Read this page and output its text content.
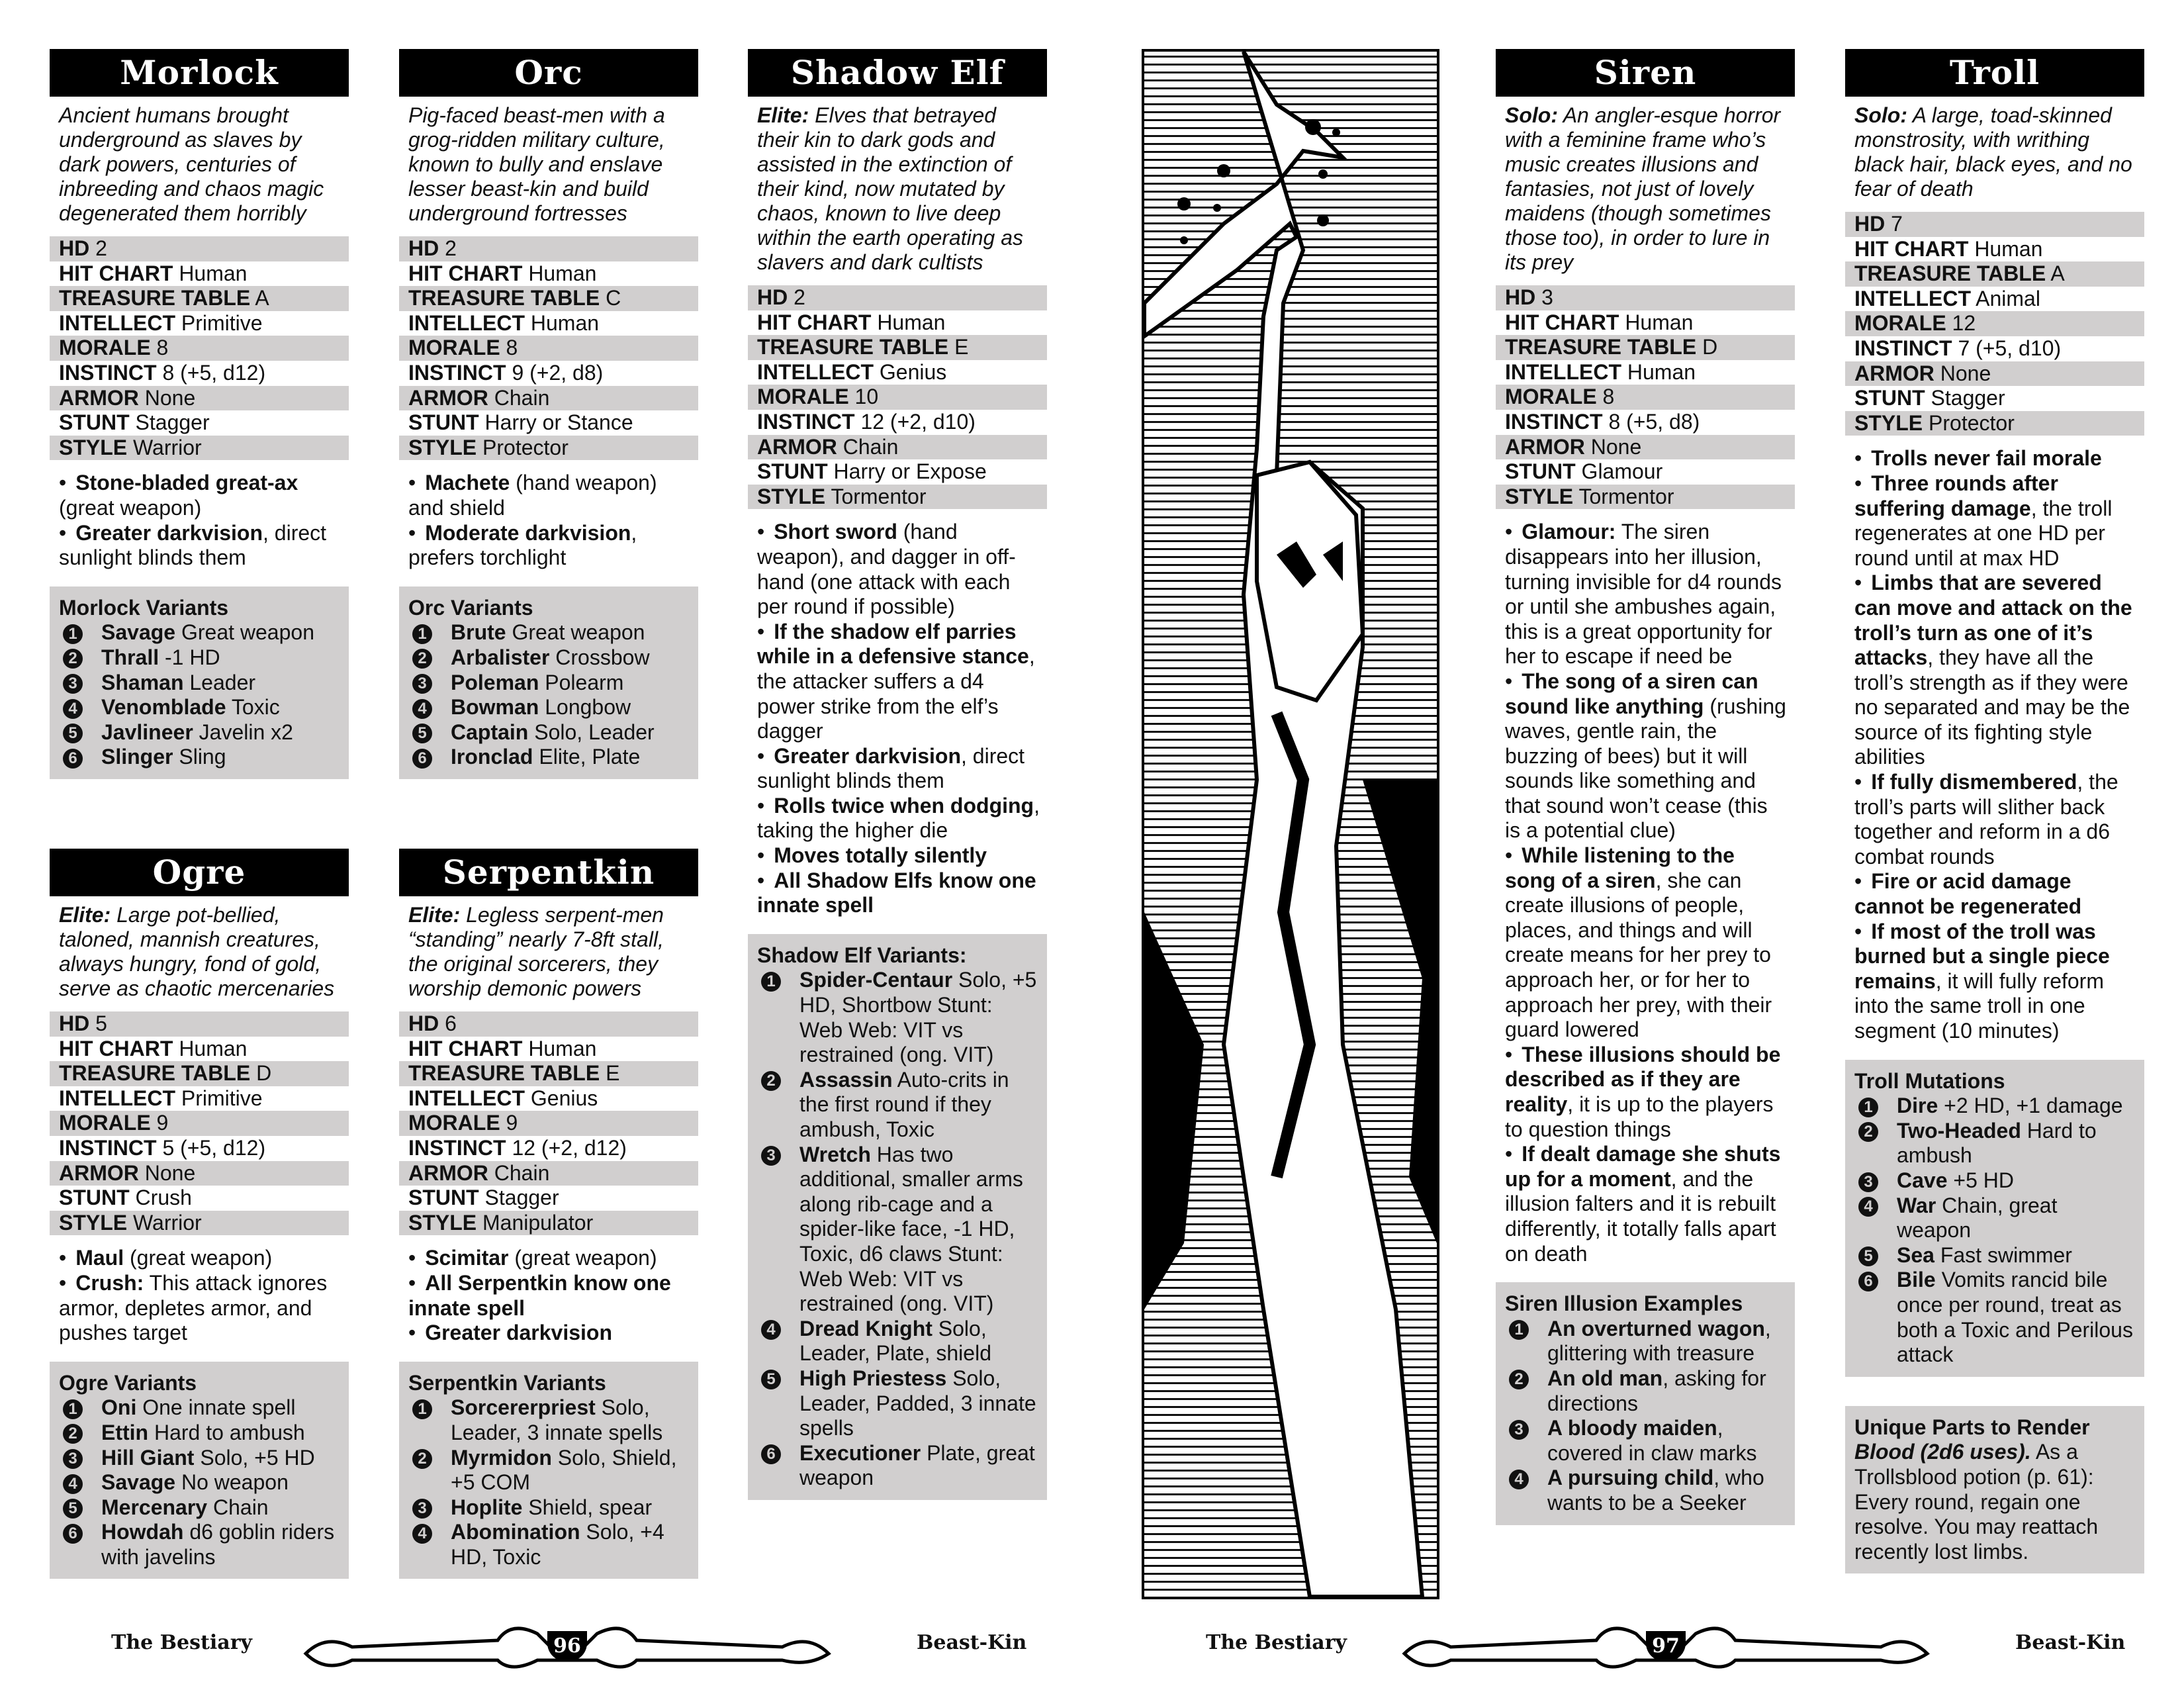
Morlock
Ancient humans brought underground as slaves by dark powers, centuries of inbreeding and chaos magic degenerated them horribly
HD 2
HIT CHART Human
TREASURE TABLE A
INTELLECT Primitive
MORALE 8
INSTINCT 8 (+5, d12)
ARMOR None
STUNT Stagger
STYLE Warrior
• Stone-bladed great-ax (great weapon)
• Greater darkvision, direct sunlight blinds them
Morlock Variants
1	Savage Great weapon
2	Thrall -1 HD
3	Shaman Leader
4	Venomblade Toxic
5	Javlineer Javelin x2
6	Slinger Sling
Orc
Pig-faced beast-men with a grog-ridden military culture, known to bully and enslave lesser beast-kin and build underground fortresses
HD 2
HIT CHART Human
TREASURE TABLE C
INTELLECT Human
MORALE 8
INSTINCT 9 (+2, d8)
ARMOR Chain
STUNT Harry or Stance
STYLE Protector
• Machete (hand weapon) and shield
• Moderate darkvision, prefers torchlight
Orc Variants
1	Brute Great weapon
2	Arbalister Crossbow
3	Poleman Polearm
4	Bowman Longbow
5	Captain Solo, Leader
6	Ironclad Elite, Plate
Shadow Elf
Elite: Elves that betrayed their kin to dark gods and assisted in the extinction of their kind, now mutated by chaos, known to live deep within the earth operating as slavers and dark cultists
HD 2
HIT CHART Human
TREASURE TABLE E
INTELLECT Genius
MORALE 10
INSTINCT 12 (+2, d10)
ARMOR Chain
STUNT Harry or Expose
STYLE Tormentor
• Short sword (hand weapon), and dagger in off-hand (one attack with each per round if possible)
• If the shadow elf parries while in a defensive stance, the attacker suffers a d4 power strike from the elf’s dagger
• Greater darkvision, direct sunlight blinds them
• Rolls twice when dodging, taking the higher die
• Moves totally silently
• All Shadow Elfs know one innate spell
Shadow Elf Variants:
1	Spider-Centaur Solo, +5 HD, Shortbow Stunt: Web Web: VIT vs restrained (ong. VIT)
2	Assassin Auto-crits in the first round if they ambush, Toxic
3	Wretch Has two additional, smaller arms along rib-cage and a spider-like face, -1 HD, Toxic, d6 claws Stunt: Web Web: VIT vs restrained (ong. VIT)
4	Dread Knight Solo, Leader, Plate, shield
5	High Priestess Solo, Leader, Padded, 3 innate spells
6	Executioner Plate, great weapon
Ogre
Elite: Large pot-bellied, taloned, mannish creatures, always hungry, fond of gold, serve as chaotic mercenaries
HD 5
HIT CHART Human
TREASURE TABLE D
INTELLECT Primitive
MORALE 9
INSTINCT 5 (+5, d12)
ARMOR None
STUNT Crush
STYLE Warrior
• Maul (great weapon)
• Crush: This attack ignores armor, depletes armor, and pushes target
Ogre Variants
1	Oni One innate spell
2	Ettin Hard to ambush
3	Hill Giant Solo, +5 HD
4	Savage No weapon
5	Mercenary Chain
6	Howdah d6 goblin riders with javelins
Serpentkin
Elite: Legless serpent-men “standing” nearly 7-8ft stall, the original sorcerers, they worship demonic powers
HD 6
HIT CHART Human
TREASURE TABLE E
INTELLECT Genius
MORALE 9
INSTINCT 12 (+2, d12)
ARMOR Chain
STUNT Stagger
STYLE Manipulator
• Scimitar (great weapon)
• All Serpentkin know one innate spell
• Greater darkvision
Serpentkin Variants
1	Sorcererpriest Solo, Leader, 3 innate spells
2	Myrmidon Solo, Shield, +5 COM
3	Hoplite Shield, spear
4	Abomination Solo, +4 HD, Toxic
Siren
Solo: An angler-esque horror with a feminine frame who’s music creates illusions and fantasies, not just of lovely maidens (though sometimes those too), in order to lure in its prey
HD 3
HIT CHART Human
TREASURE TABLE D
INTELLECT Human
MORALE 8
INSTINCT 8 (+5, d8)
ARMOR None
STUNT Glamour
STYLE Tormentor
• Glamour: The siren disappears into her illusion, turning invisible for d4 rounds or until she ambushes again, this is a great opportunity for her to escape if need be
• The song of a siren can sound like anything (rushing waves, gentle rain, the buzzing of bees) but it will sounds like something and that sound won’t cease (this is a potential clue)
• While listening to the song of a siren, she can create illusions of people, places, and things and will create means for her prey to approach her, or for her to approach her prey, with their guard lowered
• These illusions should be described as if they are reality, it is up to the players to question things
• If dealt damage she shuts up for a moment, and the illusion falters and it is rebuilt differently, it totally falls apart on death
Siren Illusion Examples
1	An overturned wagon, glittering with treasure
2	An old man, asking for directions
3	A bloody maiden, covered in claw marks
4	A pursuing child, who wants to be a Seeker
Troll
Solo: A large, toad-skinned monstrosity, with writhing black hair, black eyes, and no fear of death
HD 7
HIT CHART Human
TREASURE TABLE A
INTELLECT Animal
MORALE 12
INSTINCT 7 (+5, d10)
ARMOR None
STUNT Stagger
STYLE Protector
• Trolls never fail morale
• Three rounds after suffering damage, the troll regenerates at one HD per round until at max HD
• Limbs that are severed can move and attack on the troll’s turn as one of it’s attacks, they have all the troll’s strength as if they were no separated and may be the source of its fighting style abilities
• If fully dismembered, the troll’s parts will slither back together and reform in a d6 combat rounds
• Fire or acid damage cannot be regenerated
• If most of the troll was burned but a single piece remains, it will fully reform into the same troll in one segment (10 minutes)
Troll Mutations
1	Dire +2 HD, +1 damage
2	Two-Headed Hard to ambush
3	Cave +5 HD
4	War Chain, great weapon
5	Sea Fast swimmer
6	Bile Vomits rancid bile once per round, treat as both a Toxic and Perilous attack
Unique Parts to Render
Blood (2d6 uses). As a Trollsblood potion (p. 61): Every round, regain one resolve. You may reattach recently lost limbs.
The Bestiary	96	Beast-Kin	The Bestiary	97	Beast-Kin
